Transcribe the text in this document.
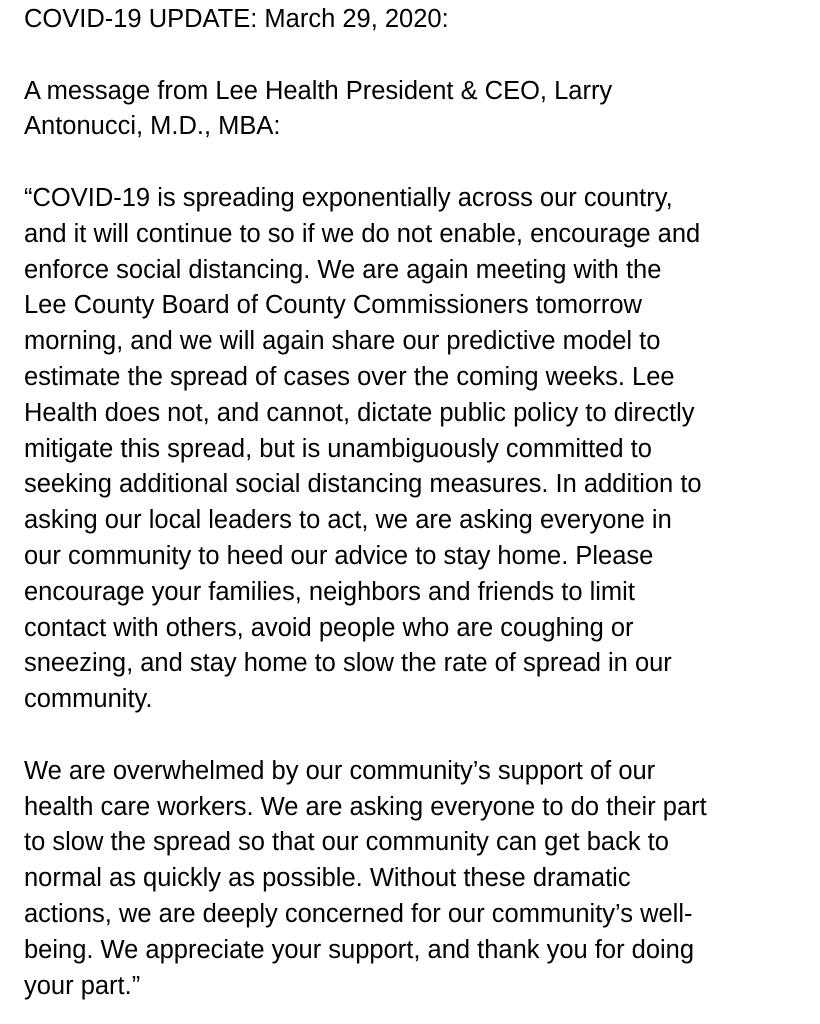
COVID-19 UPDATE: March 29, 2020:
A message from Lee Health President & CEO, Larry
Antonucci, M.D., MBA:
“COVID-19 is spreading exponentially across our country,
and it will continue to so if we do not enable, encourage and
enforce social distancing. We are again meeting with the
Lee County Board of County Commissioners tomorrow
morning, and we will again share our predictive model to
estimate the spread of cases over the coming weeks. Lee
Health does not, and cannot, dictate public policy to directly
mitigate this spread, but is unambiguously committed to
seeking additional social distancing measures. In addition to
asking our local leaders to act, we are asking everyone in
our community to heed our advice to stay home. Please
encourage your families, neighbors and friends to limit
contact with others, avoid people who are coughing or
sneezing, and stay home to slow the rate of spread in our
community.
We are overwhelmed by our community’s support of our
health care workers. We are asking everyone to do their part
to slow the spread so that our community can get back to
normal as quickly as possible. Without these dramatic
actions, we are deeply concerned for our community’s well-
being. We appreciate your support, and thank you for doing
your part.”
